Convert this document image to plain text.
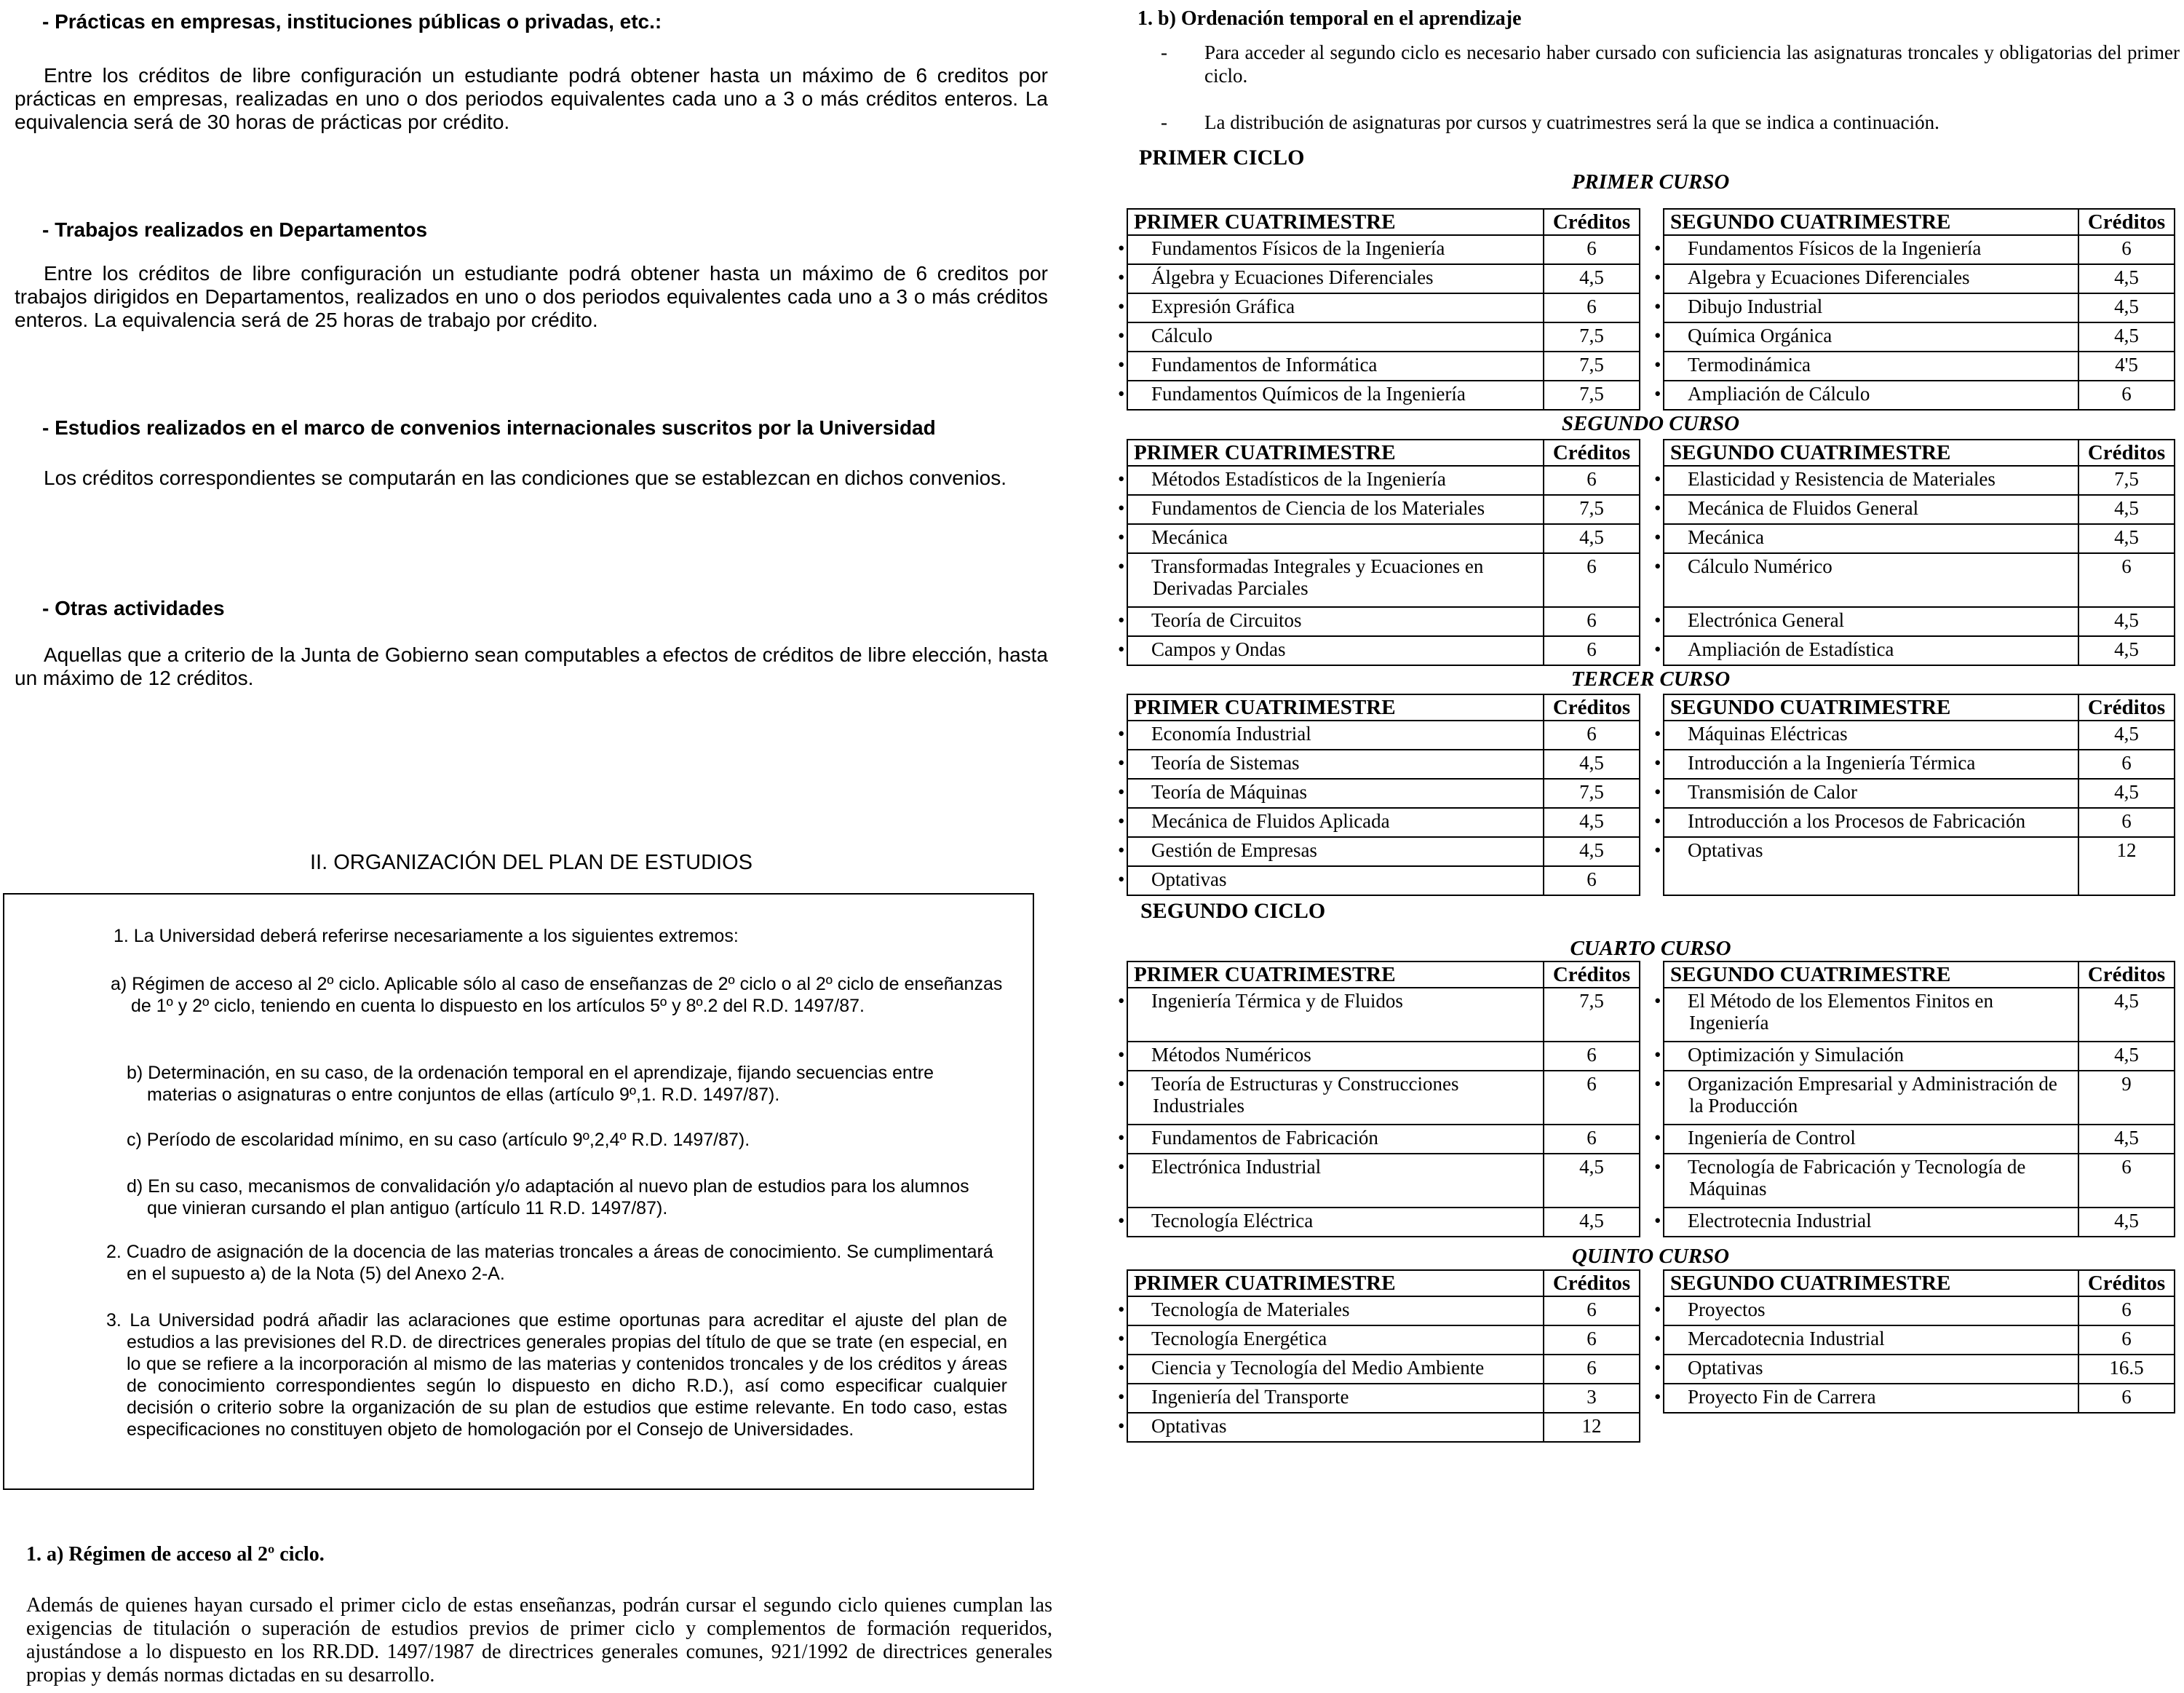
- Prácticas en empresas, instituciones públicas o privadas, etc.:

Entre los créditos de libre configuración un estudiante podrá obtener hasta un máximo de 6 creditos por prácticas en empresas, realizadas en uno o dos periodos equivalentes cada uno a 3 o más créditos enteros. La equivalencia será de 30 horas de prácticas por crédito.

- Trabajos realizados en Departamentos

Entre los créditos de libre configuración un estudiante podrá obtener hasta un máximo de 6 creditos por trabajos dirigidos en Departamentos, realizados en uno o dos periodos equivalentes cada uno a 3 o más créditos enteros. La equivalencia será de 25 horas de trabajo por crédito.

- Estudios realizados en el marco de convenios internacionales suscritos por la Universidad

Los créditos correspondientes se computarán en las condiciones que se establezcan en dichos convenios.

- Otras actividades

Aquellas que a criterio de la Junta de Gobierno sean computables a efectos de créditos de libre elección, hasta un máximo de 12 créditos.

II. ORGANIZACIÓN DEL PLAN DE ESTUDIOS

1. La Universidad deberá referirse necesariamente a los siguientes extremos:

a) Régimen de acceso al 2º ciclo. Aplicable sólo al caso de enseñanzas de 2º ciclo o al 2º ciclo de enseñanzas de 1º y 2º ciclo, teniendo en cuenta lo dispuesto en los artículos 5º y 8º.2 del R.D. 1497/87.

b) Determinación, en su caso, de la ordenación temporal en el aprendizaje, fijando secuencias entre materias o asignaturas o entre conjuntos de ellas (artículo 9º,1. R.D. 1497/87).

c) Período de escolaridad mínimo, en su caso (artículo 9º,2,4º R.D. 1497/87).

d) En su caso, mecanismos de convalidación y/o adaptación al nuevo plan de estudios para los alumnos que vinieran cursando el plan antiguo (artículo 11 R.D. 1497/87).

2. Cuadro de asignación de la docencia de las materias troncales a áreas de conocimiento. Se cumplimentará en el supuesto a) de la Nota (5) del Anexo 2-A.

3. La Universidad podrá añadir las aclaraciones que estime oportunas para acreditar el ajuste del plan de estudios a las previsiones del R.D. de directrices generales propias del título de que se trate (en especial, en lo que se refiere a la incorporación al mismo de las materias y contenidos troncales y de los créditos y áreas de conocimiento correspondientes según lo dispuesto en dicho R.D.), así como especificar cualquier decisión o criterio sobre la organización de su plan de estudios que estime relevante. En todo caso, estas especificaciones no constituyen objeto de homologación por el Consejo de Universidades.

1. a) Régimen de acceso al 2º ciclo.

Además de quienes hayan cursado el primer ciclo de estas enseñanzas, podrán cursar el segundo ciclo quienes cumplan las exigencias de titulación o superación de estudios previos de primer ciclo y complementos de formación requeridos, ajustándose a lo dispuesto en los RR.DD. 1497/1987 de directrices generales comunes, 921/1992 de directrices generales propias y demás normas dictadas en su desarrollo.

1. b) Ordenación temporal en el aprendizaje

- Para acceder al segundo ciclo es necesario haber cursado con suficiencia las asignaturas troncales y obligatorias del primer ciclo.

- La distribución de asignaturas por cursos y cuatrimestres será la que se indica a continuación.

PRIMER CICLO
SEGUNDO CICLO
PRIMER CURSO
PRIMER CUATRIMESTRE	Créditos
• Fundamentos Físicos de la Ingeniería	6
• Álgebra y Ecuaciones Diferenciales	4,5
• Expresión Gráfica	6
• Cálculo	7,5
• Fundamentos de Informática	7,5
• Fundamentos Químicos de la Ingeniería	7,5
SEGUNDO CUATRIMESTRE	Créditos
• Fundamentos Físicos de la Ingeniería	6
• Algebra y Ecuaciones Diferenciales	4,5
• Dibujo Industrial	4,5
• Química Orgánica	4,5
• Termodinámica	4'5
• Ampliación de Cálculo	6
SEGUNDO CURSO
PRIMER CUATRIMESTRE	Créditos
• Métodos Estadísticos de la Ingeniería	6
• Fundamentos de Ciencia de los Materiales	7,5
• Mecánica	4,5
• Transformadas Integrales y Ecuaciones en Derivadas Parciales	6
• Teoría de Circuitos	6
• Campos y Ondas	6
SEGUNDO CUATRIMESTRE	Créditos
• Elasticidad y Resistencia de Materiales	7,5
• Mecánica de Fluidos General	4,5
• Mecánica	4,5
• Cálculo Numérico	6
• Electrónica General	4,5
• Ampliación de Estadística	4,5
TERCER CURSO
PRIMER CUATRIMESTRE	Créditos
• Economía Industrial	6
• Teoría de Sistemas	4,5
• Teoría de Máquinas	7,5
• Mecánica de Fluidos Aplicada	4,5
• Gestión de Empresas	4,5
• Optativas	6
SEGUNDO CUATRIMESTRE	Créditos
• Máquinas Eléctricas	4,5
• Introducción a la Ingeniería Térmica	6
• Transmisión de Calor	4,5
• Introducción a los Procesos de Fabricación	6
• Optativas	12
CUARTO CURSO
PRIMER CUATRIMESTRE	Créditos
• Ingeniería Térmica y de Fluidos	7,5
• Métodos Numéricos	6
• Teoría de Estructuras y Construcciones Industriales	6
• Fundamentos de Fabricación	6
• Electrónica Industrial	4,5
• Tecnología Eléctrica	4,5
SEGUNDO CUATRIMESTRE	Créditos
• El Método de los Elementos Finitos en Ingeniería	4,5
• Optimización y Simulación	4,5
• Organización Empresarial y Administración de la Producción	9
• Ingeniería de Control	4,5
• Tecnología de Fabricación y Tecnología de Máquinas	6
• Electrotecnia Industrial	4,5
QUINTO CURSO
PRIMER CUATRIMESTRE	Créditos
• Tecnología de Materiales	6
• Tecnología Energética	6
• Ciencia y Tecnología del Medio Ambiente	6
• Ingeniería del Transporte	3
• Optativas	12
SEGUNDO CUATRIMESTRE	Créditos
• Proyectos	6
• Mercadotecnia Industrial	6
• Optativas	16.5
• Proyecto Fin de Carrera	6
